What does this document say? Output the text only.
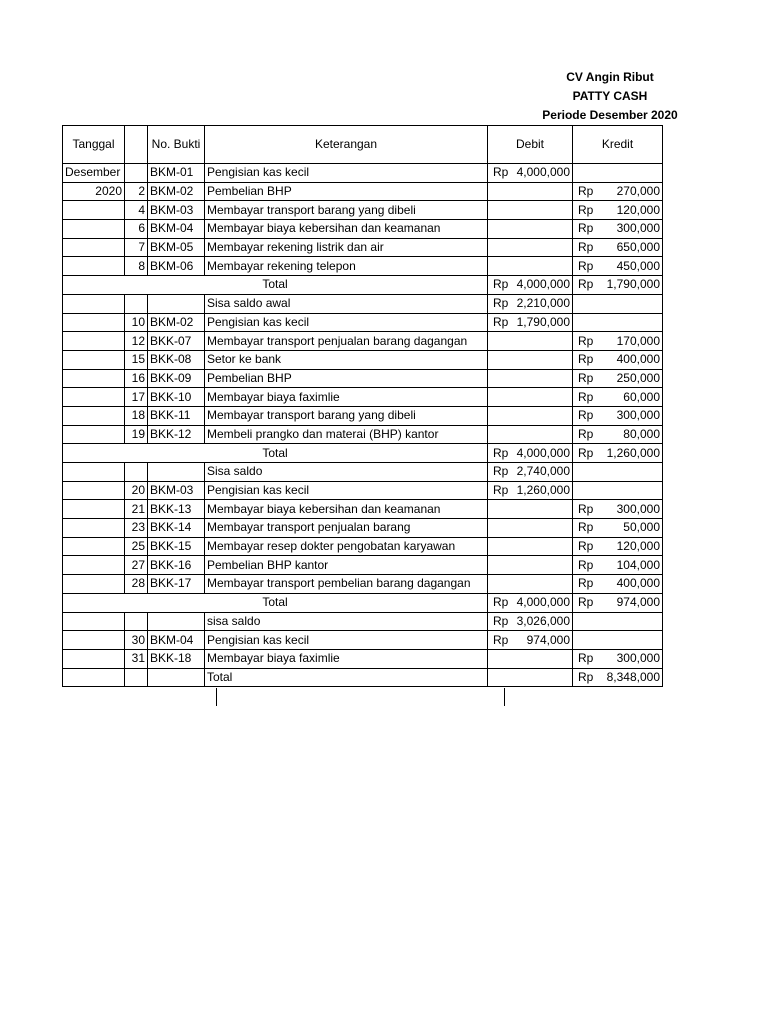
CV Angin Ribut
PATTY CASH
Periode Desember 2020
Tanggal		No. Bukti	Keterangan	Debit	Kredit
Desember		BKM-01	Pengisian kas kecil	Rp 4,000,000	

2020	2	BKM-02	Pembelian BHP		Rp 270,000

	4	BKM-03	Membayar transport barang yang dibeli		Rp 120,000

	6	BKM-04	Membayar biaya kebersihan dan keamanan		Rp 300,000

	7	BKM-05	Membayar rekening listrik dan air		Rp 650,000

	8	BKM-06	Membayar rekening telepon		Rp 450,000

Total				Rp 4,000,000	Rp 1,790,000

			Sisa saldo awal	Rp 2,210,000	

	10	BKM-02	Pengisian kas kecil	Rp 1,790,000	

	12	BKK-07	Membayar transport penjualan barang dagangan		Rp 170,000

	15	BKK-08	Setor ke bank		Rp 400,000

	16	BKK-09	Pembelian BHP		Rp 250,000

	17	BKK-10	Membayar biaya faximlie		Rp 60,000

	18	BKK-11	Membayar transport barang yang dibeli		Rp 300,000

	19	BKK-12	Membeli prangko dan materai (BHP) kantor		Rp 80,000

Total				Rp 4,000,000	Rp 1,260,000

			Sisa saldo	Rp 2,740,000	

	20	BKM-03	Pengisian kas kecil	Rp 1,260,000	

	21	BKK-13	Membayar biaya kebersihan dan keamanan		Rp 300,000

	23	BKK-14	Membayar transport penjualan barang		Rp 50,000

	25	BKK-15	Membayar resep dokter pengobatan karyawan		Rp 120,000

	27	BKK-16	Pembelian BHP kantor		Rp 104,000

	28	BKK-17	Membayar transport pembelian barang dagangan		Rp 400,000

Total				Rp 4,000,000	Rp 974,000

			sisa saldo	Rp 3,026,000	

	30	BKM-04	Pengisian kas kecil	Rp 974,000	

	31	BKK-18	Membayar biaya faximlie		Rp 300,000

			Total		Rp 8,348,000
